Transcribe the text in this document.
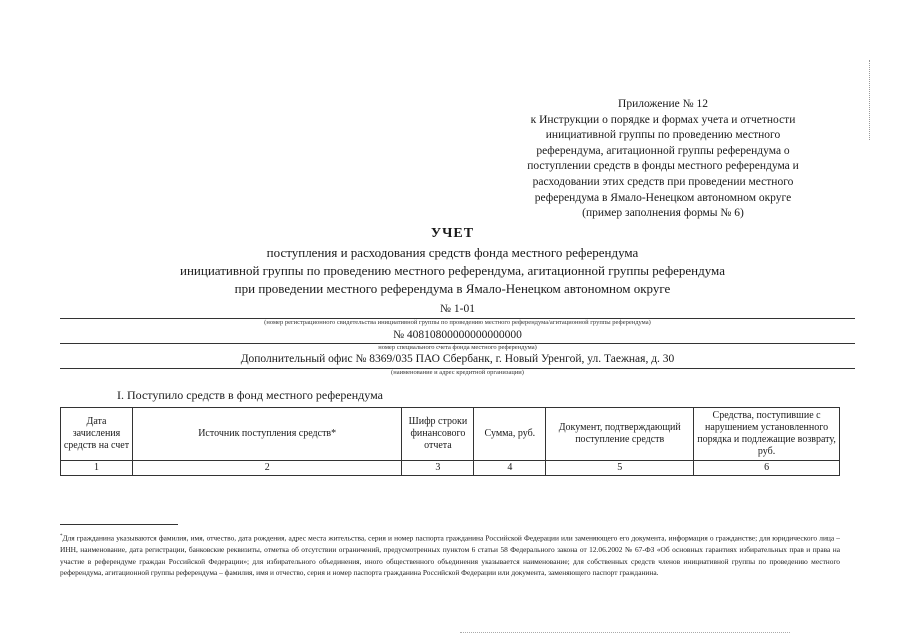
Приложение № 12
к Инструкции о порядке и формах учета и отчетности
инициативной группы по проведению местного
референдума, агитационной группы референдума о
поступлении средств в фонды местного референдума и
расходовании этих средств при проведении местного
референдума в Ямало-Ненецком автономном округе
(пример заполнения формы № 6)
УЧЕТ
поступления и расходования средств фонда местного референдума
инициативной группы по проведению местного референдума, агитационной группы референдума
при проведении местного референдума в Ямало-Ненецком автономном округе
№ 1-01
(номер регистрационного свидетельства инициативной группы по проведению местного референдума/агитационной группы референдума)
№ 40810800000000000000
номер специального счета фонда местного референдума)
Дополнительный офис № 8369/035 ПАО Сбербанк, г. Новый Уренгой, ул. Таежная, д. 30
(наименование и адрес кредитной организации)
I. Поступило средств в фонд местного референдума
Дата зачисления средств на счет	Источник поступления средств*	Шифр строки финансового отчета	Сумма, руб.	Документ, подтверждающий поступление средств	Средства, поступившие с нарушением установленного порядка и подлежащие возврату, руб.
1	2	3	4	5	6
*Для гражданина указываются фамилия, имя, отчество, дата рождения, адрес места жительства, серия и номер паспорта гражданина Российской Федерации или заменяющего его документа, информация о гражданстве; для юридического лица – ИНН, наименование, дата регистрации, банковские реквизиты, отметка об отсутствии ограничений, предусмотренных пунктом 6 статьи 58 Федерального закона от 12.06.2002 № 67-ФЗ «Об основных гарантиях избирательных прав и права на участие в референдуме граждан Российской Федерации»; для избирательного объединения, иного общественного объединения указывается наименование; для собственных средств членов инициативной группы по проведению местного референдума, агитационной группы референдума – фамилия, имя и отчество, серия и номер паспорта гражданина Российской Федерации или документа, заменяющего паспорт гражданина.
